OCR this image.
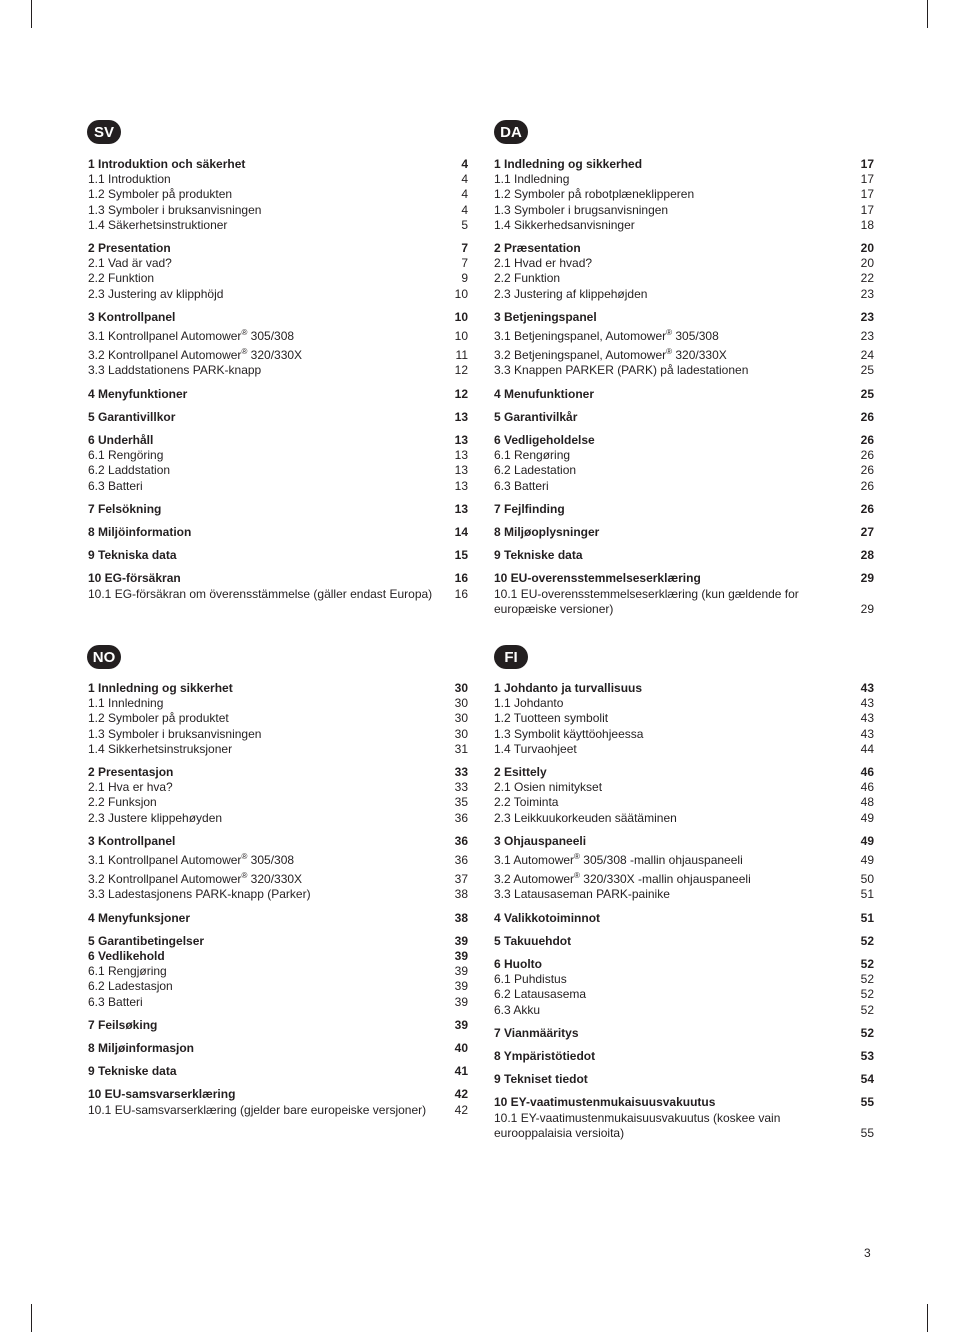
SV	DA
NO	FI
1 Introduktion och säkerhet	4
1.1 Introduktion	4
1.2 Symboler på produkten	4
1.3 Symboler i bruksanvisningen	4
1.4 Säkerhetsinstruktioner	5
2 Presentation	7
2.1 Vad är vad?	7
2.2 Funktion	9
2.3 Justering av klipphöjd	10
3 Kontrollpanel	10
3.1 Kontrollpanel Automower® 305/308	10
3.2 Kontrollpanel Automower® 320/330X	11
3.3 Laddstationens PARK-knapp	12
4 Menyfunktioner	12
5 Garantivillkor	13
6 Underhåll	13
6.1 Rengöring	13
6.2 Laddstation	13
6.3 Batteri	13
7 Felsökning	13
8 Miljöinformation	14
9 Tekniska data	15
10 EG-försäkran	16
10.1 EG-försäkran om överensstämmelse (gäller endast Europa)	16
1 Indledning og sikkerhed	17
1.1 Indledning	17
1.2 Symboler på robotplæneklipperen	17
1.3 Symboler i brugsanvisningen	17
1.4 Sikkerhedsanvisninger	18
2 Præsentation	20
2.1 Hvad er hvad?	20
2.2 Funktion	22
2.3 Justering af klippehøjden	23
3 Betjeningspanel	23
3.1 Betjeningspanel, Automower® 305/308	23
3.2 Betjeningspanel, Automower® 320/330X	24
3.3 Knappen PARKER (PARK) på ladestationen	25
4 Menufunktioner	25
5 Garantivilkår	26
6 Vedligeholdelse	26
6.1 Rengøring	26
6.2 Ladestation	26
6.3 Batteri	26
7 Fejlfinding	26
8 Miljøoplysninger	27
9 Tekniske data	28
10 EU-overensstemmelseserklæring	29
10.1 EU-overensstemmelseserklæring (kun gældende for europæiske versioner)	29
1 Innledning og sikkerhet	30
1.1 Innledning	30
1.2 Symboler på produktet	30
1.3 Symboler i bruksanvisningen	30
1.4 Sikkerhetsinstruksjoner	31
2 Presentasjon	33
2.1 Hva er hva?	33
2.2 Funksjon	35
2.3 Justere klippehøyden	36
3 Kontrollpanel	36
3.1 Kontrollpanel Automower® 305/308	36
3.2 Kontrollpanel Automower® 320/330X	37
3.3 Ladestasjonens PARK-knapp (Parker)	38
4 Menyfunksjoner	38
5 Garantibetingelser	39
6 Vedlikehold	39
6.1 Rengjøring	39
6.2 Ladestasjon	39
6.3 Batteri	39
7 Feilsøking	39
8 Miljøinformasjon	40
9 Tekniske data	41
10 EU-samsvarserklæring	42
10.1 EU-samsvarserklæring (gjelder bare europeiske versjoner)	42
1 Johdanto ja turvallisuus	43
1.1 Johdanto	43
1.2 Tuotteen symbolit	43
1.3 Symbolit käyttöohjeessa	43
1.4 Turvaohjeet	44
2 Esittely	46
2.1 Osien nimitykset	46
2.2 Toiminta	48
2.3 Leikkuukorkeuden säätäminen	49
3 Ohjauspaneeli	49
3.1 Automower® 305/308 -mallin ohjauspaneeli	49
3.2 Automower® 320/330X -mallin ohjauspaneeli	50
3.3 Latausaseman PARK-painike	51
4 Valikkotoiminnot	51
5 Takuuehdot	52
6 Huolto	52
6.1 Puhdistus	52
6.2 Latausasema	52
6.3 Akku	52
7 Vianmääritys	52
8 Ympäristötiedot	53
9 Tekniset tiedot	54
10 EY-vaatimustenmukaisuusvakuutus	55
10.1 EY-vaatimustenmukaisuusvakuutus (koskee vain eurooppalaisia versioita)	55
3
